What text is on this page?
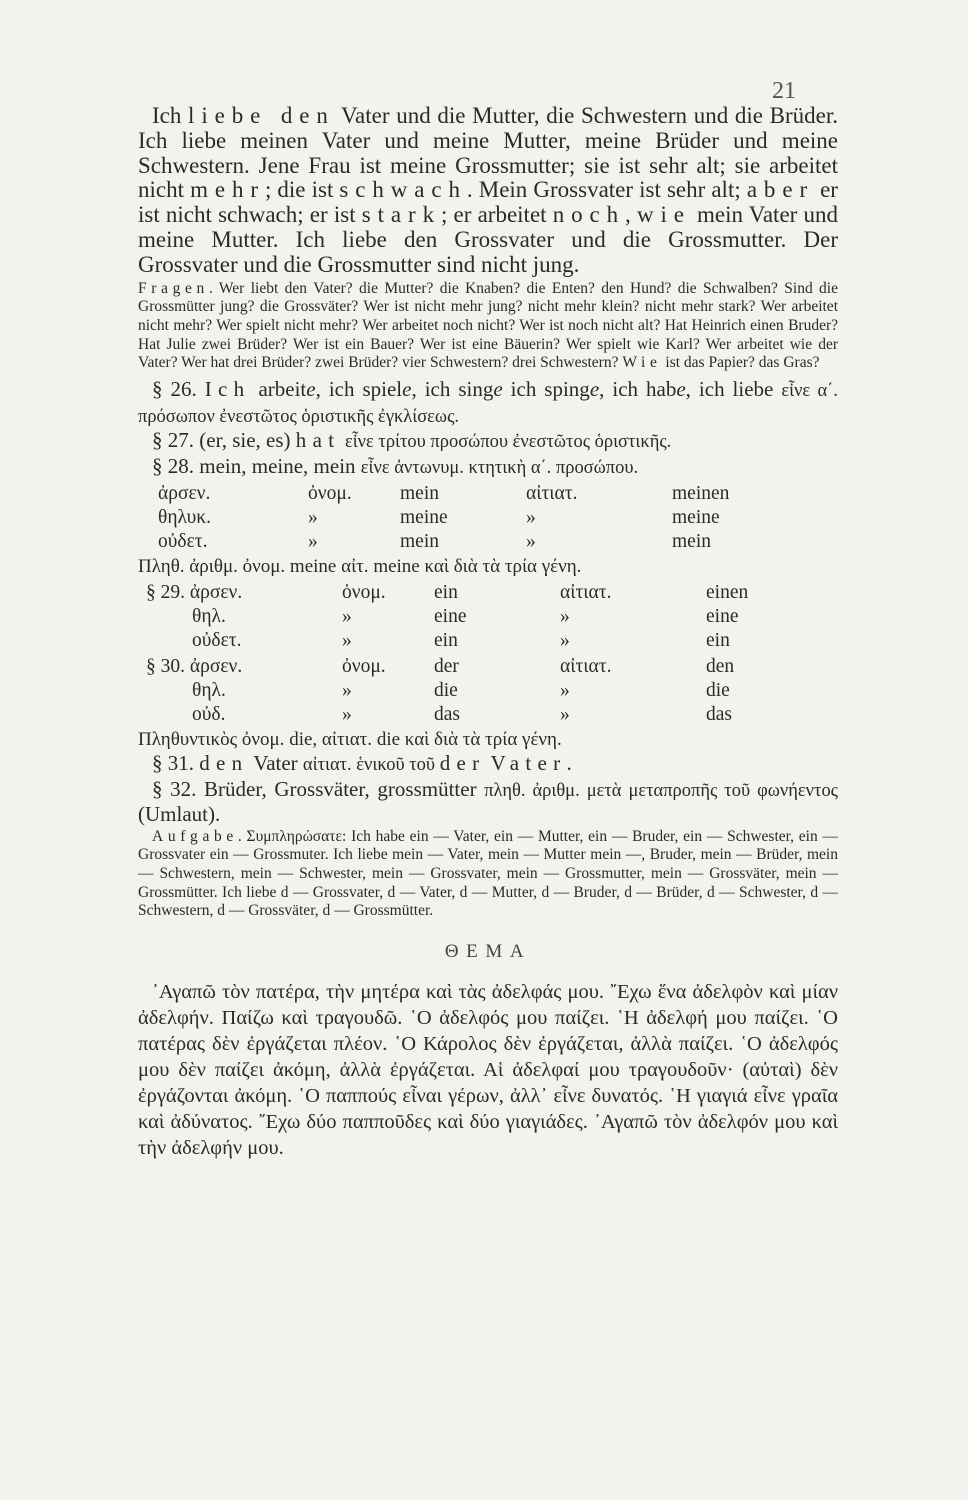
21

Ich liebe den Vater und die Mutter, die Schwestern und die Brüder. Ich liebe meinen Vater und meine Mutter, meine Brüder und meine Schwestern. Jene Frau ist meine Grossmutter; sie ist sehr alt; sie arbeitet nicht mehr; die ist schwach. Mein Grossvater ist sehr alt; aber er ist nicht schwach; er ist stark; er arbeitet noch, wie mein Vater und meine Mutter. Ich liebe den Grossvater und die Grossmutter. Der Grossvater und die Grossmutter sind nicht jung.

Fragen. Wer liebt den Vater? die Mutter? die Knaben? die Enten? den Hund? die Schwalben? Sind die Grossmütter jung? die Grossväter? Wer ist nicht mehr jung? nicht mehr klein? nicht mehr stark? Wer arbeitet nicht mehr? Wer spielt nicht mehr? Wer arbeitet noch nicht? Wer ist noch nicht alt? Hat Heinrich einen Bruder? Hat Julie zwei Brüder? Wer ist ein Bauer? Wer ist eine Bäuerin? Wer spielt wie Karl? Wer arbeitet wie der Vater? Wer hat drei Brüder? zwei Brüder? vier Schwestern? drei Schwestern? Wie ist das Papier? das Gras?

§ 26. Ich arbeite, ich spiele, ich singe ich spinge, ich habe, ich liebe εἶνε α΄. πρόσωπον ἐνεστῶτος ὁριστικῆς ἐγκλίσεως.

§ 27. (er, sie, es) hat εἶνε τρίτου προσώπου ἐνεστῶτος ὁριστικῆς.

§ 28. mein, meine, mein εἶνε ἀντωνυμ. κτητικὴ α΄. προσώπου.

	ἀρσεν.	ὀνομ.	mein	αἰτιατ.	meinen
	θηλυκ.	»	meine	»	meine
	οὐδετ.	»	mein	»	mein

Πληθ. ἀριθμ. ὀνομ. meine αἰτ. meine καὶ διὰ τὰ τρία γένη.

	§ 29. ἀρσεν.	ὀνομ.	ein	αἰτιατ.	einen
	θηλ.	»	eine	»	eine
	οὐδετ.	»	ein	»	ein
	§ 30. ἀρσεν.	ὀνομ.	der	αἰτιατ.	den
	θηλ.	»	die	»	die
	οὐδ.	»	das	»	das

Πληθυντικὸς ὀνομ. die, αἰτιατ. die καὶ διὰ τὰ τρία γένη.

§ 31. den Vater αἰτιατ. ἑνικοῦ τοῦ der Vater.

§ 32. Brüder, Grossväter, grossmütter πληθ. ἀριθμ. μετὰ μεταπροπῆς τοῦ φωνήεντος (Umlaut).

Aufgabe. Συμπληρώσατε: Ich habe ein — Vater, ein — Mutter, ein — Bruder, ein — Schwester, ein — Grossvater ein — Grossmuter. Ich liebe mein — Vater, mein — Mutter mein —, Bruder, mein — Brüder, mein — Schwestern, mein — Schwester, mein — Grossvater, mein — Grossmutter, mein — Grossväter, mein — Grossmütter. Ich liebe d — Grossvater, d — Vater, d — Mutter, d — Bruder, d — Brüder, d — Schwester, d — Schwestern, d — Grossväter, d — Grossmütter.

ΘΕΜΑ

᾿Αγαπῶ τὸν πατέρα, τὴν μητέρα καὶ τὰς ἀδελφάς μου. ῎Εχω ἕνα ἀδελφὸν καὶ μίαν ἀδελφήν. Παίζω καὶ τραγουδῶ. ῾Ο ἀδελφός μου παίζει. ῾Η ἀδελφή μου παίζει. ῾Ο πατέρας δὲν ἐργάζεται πλέον. ῾Ο Κάρολος δὲν ἐργάζεται, ἀλλὰ παίζει. ῾Ο ἀδελφός μου δὲν παίζει ἀκόμη, ἀλλὰ ἐργάζεται. Αἱ ἀδελφαί μου τραγουδοῦν· (αὐταὶ) δὲν ἐργάζονται ἀκόμη. ῾Ο παππούς εἶναι γέρων, ἀλλ᾿ εἶνε δυνατός. ῾Η γιαγιά εἶνε γραῖα καὶ ἀδύνατος. ῎Εχω δύο παπποῦδες καὶ δύο γιαγιάδες. ᾿Αγαπῶ τὸν ἀδελφόν μου καὶ τὴν ἀδελφήν μου.
